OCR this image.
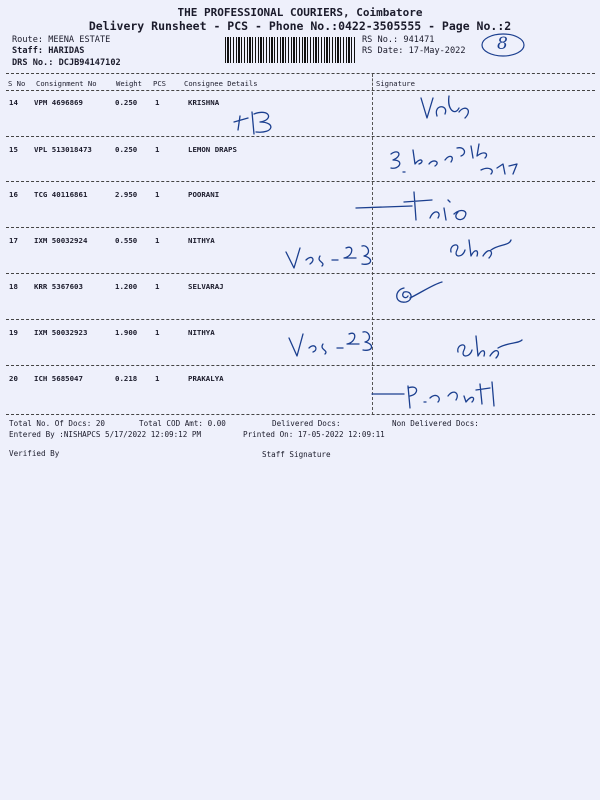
THE PROFESSIONAL COURIERS, Coimbatore
Delivery Runsheet - PCS - Phone No.:0422-3505555 - Page No.:2
Route: MEENA ESTATE
Staff: HARIDAS
DRS No.: DCJB94147102
RS No.: 941471
RS Date: 17-May-2022 8
S No Consignment No	Weight PCS	Consignee Details	Signature
14 VPM 4696869	0.250 1	KRISHNA
15 VPL 513018473	0.250 1	LEMON DRAPS
16 TCG 40116861	2.950 1	POORANI
17 IXM 50032924	0.550 1	NITHYA
18 KRR 5367603	1.200 1	SELVARAJ
19 IXM 50032923	1.900 1	NITHYA
20 ICH 5685047	0.218 1	PRAKALYA
Total No. Of Docs: 20	Total COD Amt: 0.00	Delivered Docs:	Non Delivered Docs:
Entered By :NISHAPCS 5/17/2022 12:09:12 PM	Printed On: 17-05-2022 12:09:11
Verified By	Staff Signature
